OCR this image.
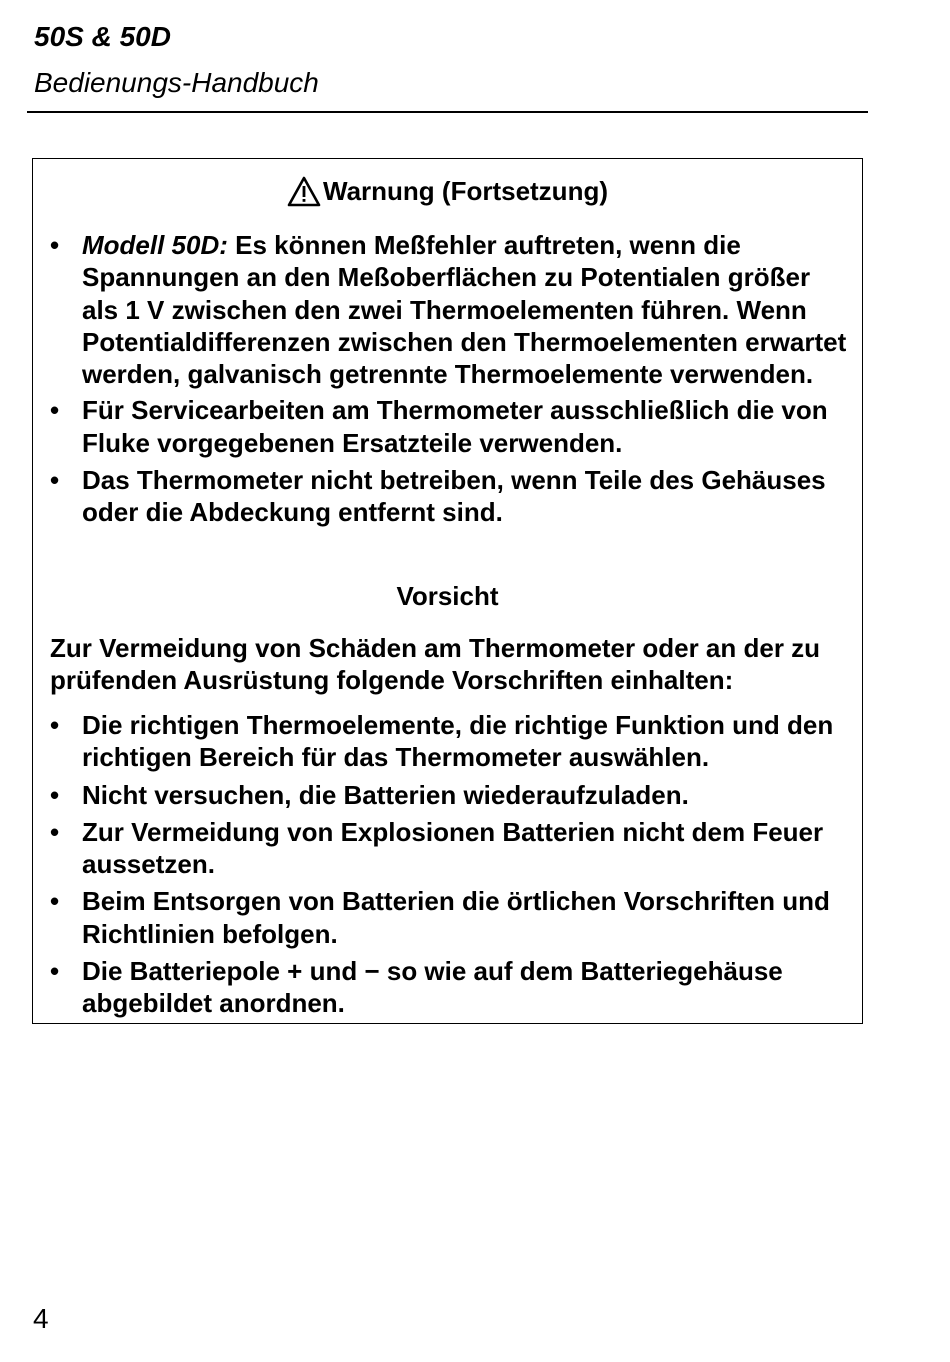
50S & 50D

Bedienungs-Handbuch

Warnung (Fortsetzung)

• Modell 50D: Es können Meßfehler auftreten, wenn die Spannungen an den Meßoberflächen zu Potentialen größer als 1 V zwischen den zwei Thermoelementen führen. Wenn Potentialdifferenzen zwischen den Thermoelementen erwartet werden, galvanisch getrennte Thermoelemente verwenden.
• Für Servicearbeiten am Thermometer ausschließlich die von Fluke vorgegebenen Ersatzteile verwenden.
• Das Thermometer nicht betreiben, wenn Teile des Gehäuses oder die Abdeckung entfernt sind.

Vorsicht

Zur Vermeidung von Schäden am Thermometer oder an der zu prüfenden Ausrüstung folgende Vorschriften einhalten:

• Die richtigen Thermoelemente, die richtige Funktion und den richtigen Bereich für das Thermometer auswählen.
• Nicht versuchen, die Batterien wiederaufzuladen.
• Zur Vermeidung von Explosionen Batterien nicht dem Feuer aussetzen.
• Beim Entsorgen von Batterien die örtlichen Vorschriften und Richtlinien befolgen.
• Die Batteriepole + und − so wie auf dem Batteriegehäuse abgebildet anordnen.

4
